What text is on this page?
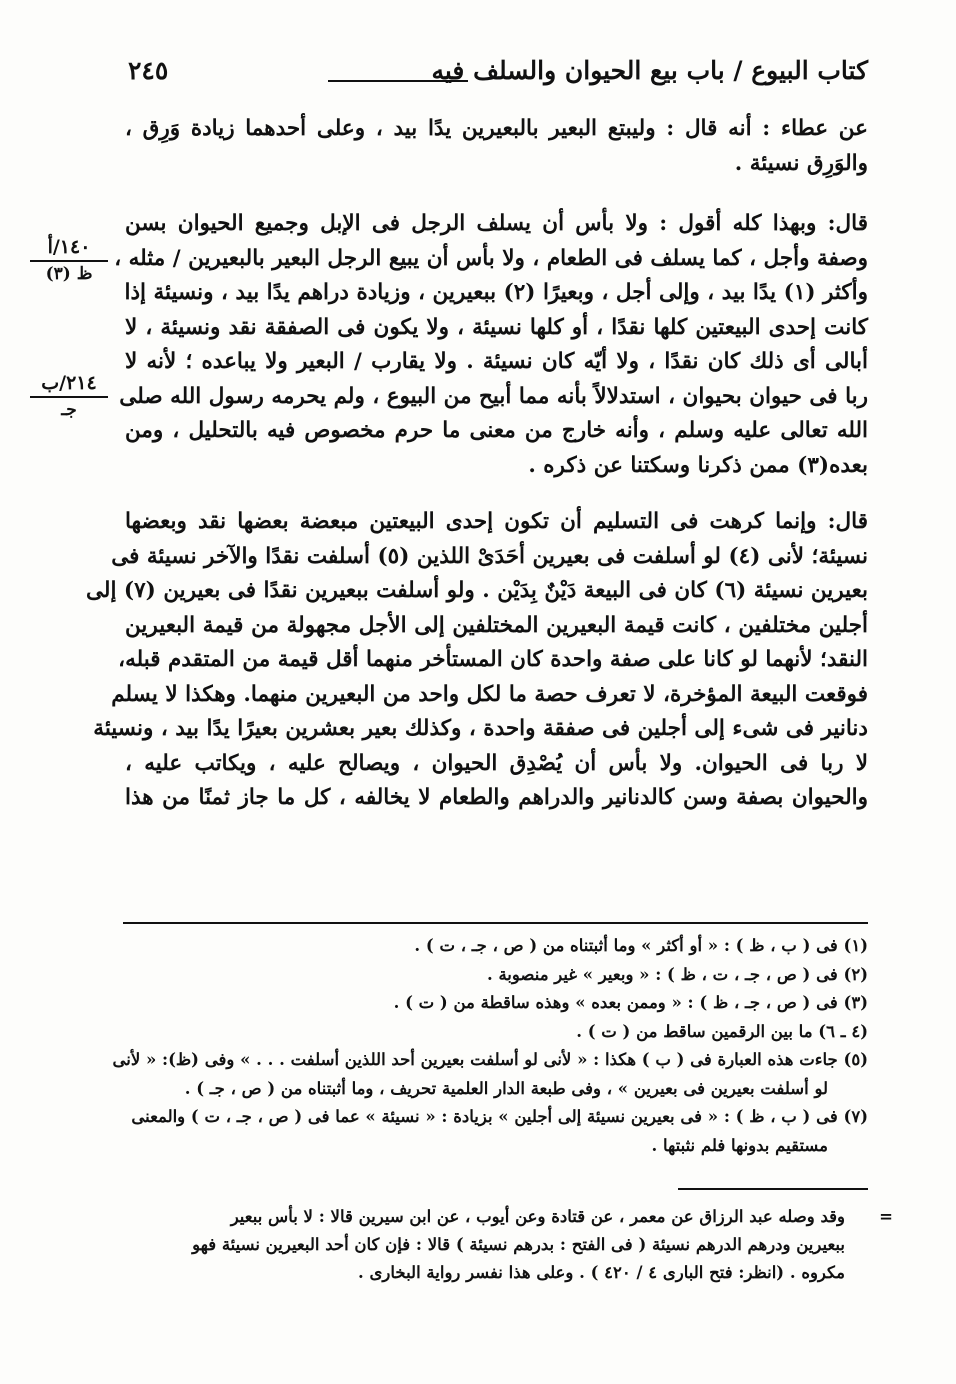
كتاب البيوع / باب بيع الحيوان والسلف فيه
٢٤٥
١٤٠/أ
ظ (٣)
٢١٤/ب
جـ

عن عطاء : أنه قال : وليبتع البعير بالبعيرين يدًا بيد ، وعلى أحدهما زيادة وَرِق ،
والوَرِق نسيئة .

قال: وبهذا كله أقول : ولا بأس أن يسلف الرجل فى الإبل وجميع الحيوان بسن
وصفة وأجل ، كما يسلف فى الطعام ، ولا بأس أن يبيع الرجل البعير بالبعيرين / مثله ،
وأكثر (١) يدًا بيد ، وإلى أجل ، وبعيرًا (٢) ببعيرين ، وزيادة دراهم يدًا بيد ، ونسيئة إذا
كانت إحدى البيعتين كلها نقدًا ، أو كلها نسيئة ، ولا يكون فى الصفقة نقد ونسيئة ، لا
أبالى أى ذلك كان نقدًا ، ولا أيّه كان نسيئة . ولا يقارب / البعير ولا يباعده ؛ لأنه لا
ربا فى حيوان بحيوان ، استدلالاً بأنه مما أبيح من البيوع ، ولم يحرمه رسول الله صلى
الله تعالى عليه وسلم ، وأنه خارج من معنى ما حرم مخصوص فيه بالتحليل ، ومن
بعده(٣) ممن ذكرنا وسكتنا عن ذكره .

قال: وإنما كرهت فى التسليم أن تكون إحدى البيعتين مبعضة بعضها نقد وبعضها
نسيئة؛ لأنى (٤) لو أسلفت فى بعيرين أحَدَىْ اللذين (٥) أسلفت نقدًا والآخر نسيئة فى
بعيرين نسيئة (٦) كان فى البيعة دَيْنٌ بِدَيْن . ولو أسلفت ببعيرين نقدًا فى بعيرين (٧) إلى
أجلين مختلفين ، كانت قيمة البعيرين المختلفين إلى الأجل مجهولة من قيمة البعيرين
النقد؛ لأنهما لو كانا على صفة واحدة كان المستأخر منهما أقل قيمة من المتقدم قبله،
فوقعت البيعة المؤخرة، لا تعرف حصة ما لكل واحد من البعيرين منهما. وهكذا لا يسلم
دنانير فى شىء إلى أجلين فى صفقة واحدة ، وكذلك بعير بعشرين بعيرًا يدًا بيد ، ونسيئة
لا ربا فى الحيوان. ولا بأس أن يُصْدِق الحيوان ، ويصالح عليه ، ويكاتب عليه ،
والحيوان بصفة وسن كالدنانير والدراهم والطعام لا يخالفه ، كل ما جاز ثمنًا من هذا

(١) فى ( ب ، ظ ) : « أو أكثر » وما أثبتناه من ( ص ، جـ ، ت ) .
(٢) فى ( ص ، جـ ، ت ، ظ ) : « وبعير » غير منصوبة .
(٣) فى ( ص ، جـ ، ظ ) : « وممن بعده » وهذه ساقطة من ( ت ) .
(٤ ـ ٦) ما بين الرقمين ساقط من ( ت ) .
(٥) جاءت هذه العبارة فى ( ب ) هكذا : « لأنى لو أسلفت بعيرين أحد اللذين أسلفت . . . » وفى (ظ): « لأنى
لو أسلفت بعيرين فى بعيرين » ، وفى طبعة الدار العلمية تحريف ، وما أثبتناه من ( ص ، جـ ) .
(٧) فى ( ب ، ظ ) : « فى بعيرين نسيئة إلى أجلين » بزيادة : « نسيئة » عما فى ( ص ، جـ ، ت ) والمعنى
مستقيم بدونها فلم نثبتها .
=
وقد وصله عبد الرزاق عن معمر ، عن قتادة وعن أيوب ، عن ابن سيرين قالا : لا بأس ببعير
ببعيرين ودرهم الدرهم نسيئة ( فى الفتح : بدرهم نسيئة ) قالا : فإن كان أحد البعيرين نسيئة فهو
مكروه . (انظر: فتح البارى ٤ / ٤٢٠ ) . وعلى هذا نفسر رواية البخارى .
